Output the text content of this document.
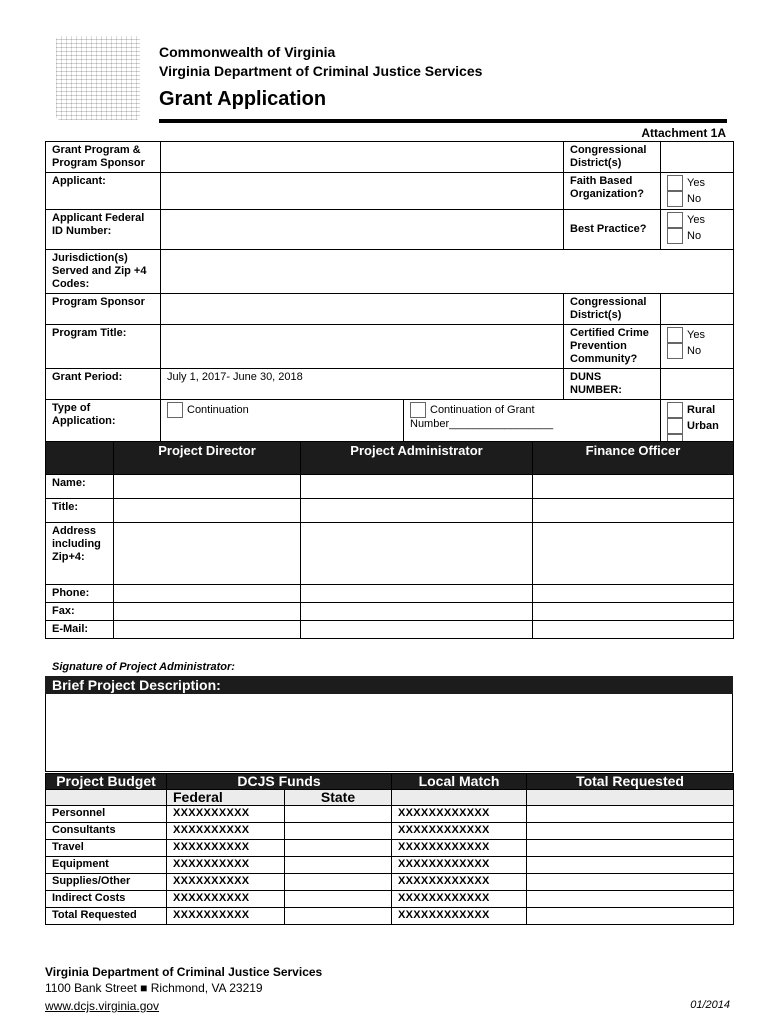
Commonwealth of Virginia
Virginia Department of Criminal Justice Services
Grant Application
Attachment 1A
Grant Program & Program Sponsor			Congressional District(s)	
Applicant:			Faith Based Organization?	Yes
No

Applicant Federal ID Number:			Best Practice?	Yes
No

Jurisdiction(s) Served and Zip +4 Codes:				
Program Sponsor			Congressional District(s)	
Program Title:			Certified Crime Prevention Community?	Yes
No

Grant Period:	July 1, 2017- June 30, 2018		DUNS NUMBER:	
Type of Application:	Continuation	Continuation of Grant Number_________________		Rural
Urban
	Project Director	Project Administrator	Finance Officer
Name:			
Title:			
Address including Zip+4:			
Phone:			
Fax:			
E-Mail:			
Signature of Project Administrator:
Brief Project Description:
Project Budget	DCJS Funds		Local Match	Total Requested
	Federal	State		
Personnel	XXXXXXXXXX		XXXXXXXXXXXX	
Consultants	XXXXXXXXXX		XXXXXXXXXXXX	
Travel	XXXXXXXXXX		XXXXXXXXXXXX	
Equipment	XXXXXXXXXX		XXXXXXXXXXXX	
Supplies/Other	XXXXXXXXXX		XXXXXXXXXXXX	
Indirect Costs	XXXXXXXXXX		XXXXXXXXXXXX	
Total Requested	XXXXXXXXXX		XXXXXXXXXXXX	
Virginia Department of Criminal Justice Services
1100 Bank Street ■ Richmond, VA 23219
www.dcjs.virginia.gov	01/2014
